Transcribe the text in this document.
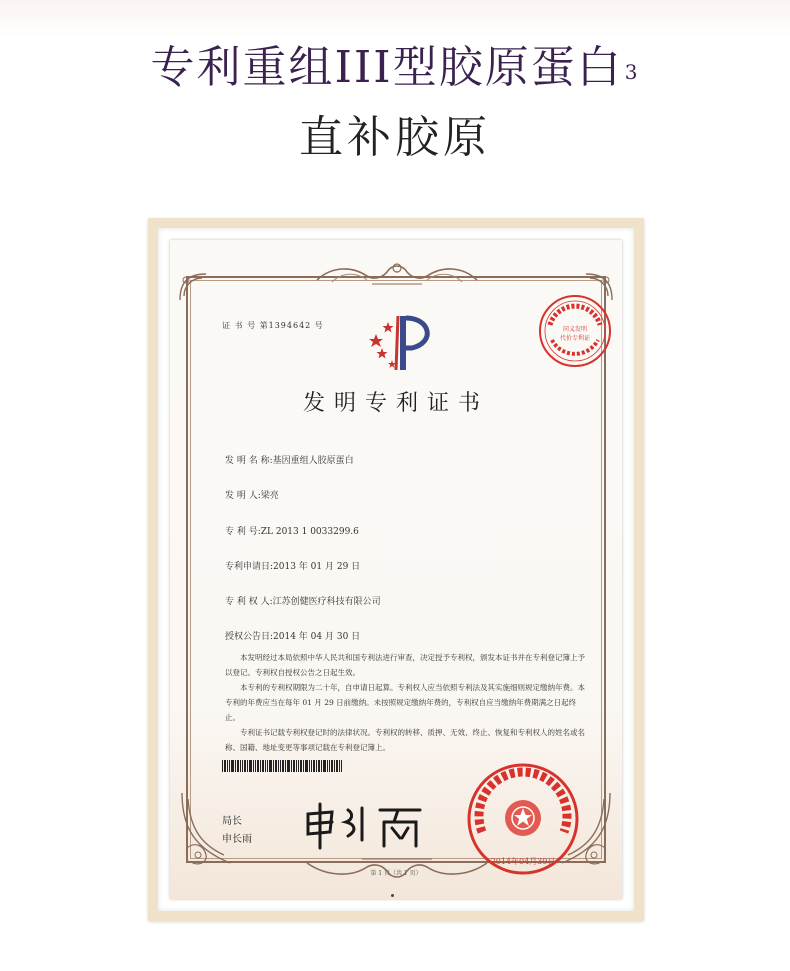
专利重组III型胶原蛋白 $^3$
直补胶原
证 书 号 第1394642 号	同义发明
代价专利证
发明专利证书
发 明 名 称:基因重组人胶原蛋白
发 明 人:梁亮
专 利 号:ZL 2013 1 0033299.6
专利申请日:2013 年 01 月 29 日
专 利 权 人:江苏创健医疗科技有限公司
授权公告日:2014 年 04 月 30 日

本发明经过本局依照中华人民共和国专利法进行审查，决定授予专利权，颁发本证书并在专利登记簿上予以登记。专利权自授权公告之日起生效。

本专利的专利权期限为二十年，自申请日起算。专利权人应当依照专利法及其实施细则规定缴纳年费。本专利的年费应当在每年 01 月 29 日前缴纳。未按照规定缴纳年费的，专利权自应当缴纳年费期满之日起终止。

专利证书记载专利权登记时的法律状况。专利权的转移、质押、无效、终止、恢复和专利权人的姓名或名称、国籍、地址变更等事项记载在专利登记簿上。

局长
申长雨
2014年04月30日
第 1 页（共 1 页）
